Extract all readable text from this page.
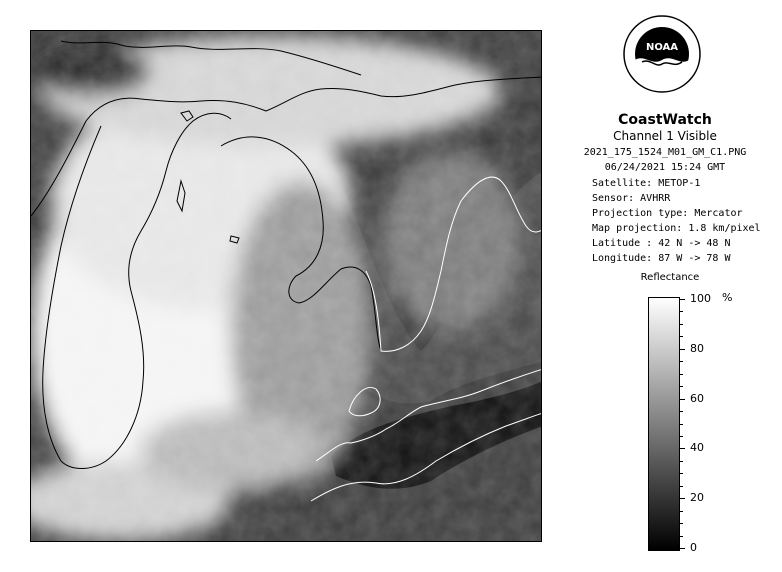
NOAA
CoastWatch
Channel 1 Visible
2021_175_1524_M01_GM_C1.PNG
06/24/2021 15:24 GMT
Satellite: METOP-1
Sensor: AVHRR
Projection type: Mercator
Map projection: 1.8 km/pixel
Latitude : 42 N -> 48 N
Longitude: 87 W -> 78 W
Reflectance
%
100
80
60
40
20
0
